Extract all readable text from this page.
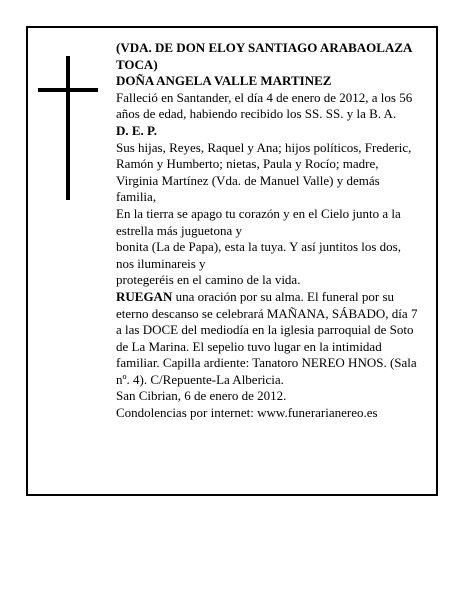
(VDA. DE DON ELOY SANTIAGO ARABAOLAZA TOCA)

DOÑA ANGELA VALLE MARTINEZ

Falleció en Santander, el día 4 de enero de 2012, a los 56 años de edad, habiendo recibido los SS. SS. y la B. A.

D. E. P.

Sus hijas, Reyes, Raquel y Ana; hijos políticos, Frederic, Ramón y Humberto; nietas, Paula y Rocío; madre, Virginia Martínez (Vda. de Manuel Valle) y demás familia,

En la tierra se apago tu corazón y en el Cielo junto a la estrella más juguetona y

bonita (La de Papa), esta la tuya. Y así juntitos los dos, nos iluminareis y

protegeréis en el camino de la vida.

RUEGAN una oración por su alma. El funeral por su eterno descanso se celebrará MAÑANA, SÁBADO, día 7 a las DOCE del mediodía en la iglesia parroquial de Soto de La Marina. El sepelio tuvo lugar en la intimidad familiar. Capilla ardiente: Tanatoro NEREO HNOS. (Sala nº. 4). C/Repuente-La Albericia.

San Cibrian, 6 de enero de 2012.

Condolencias por internet: www.funerarianereo.es
